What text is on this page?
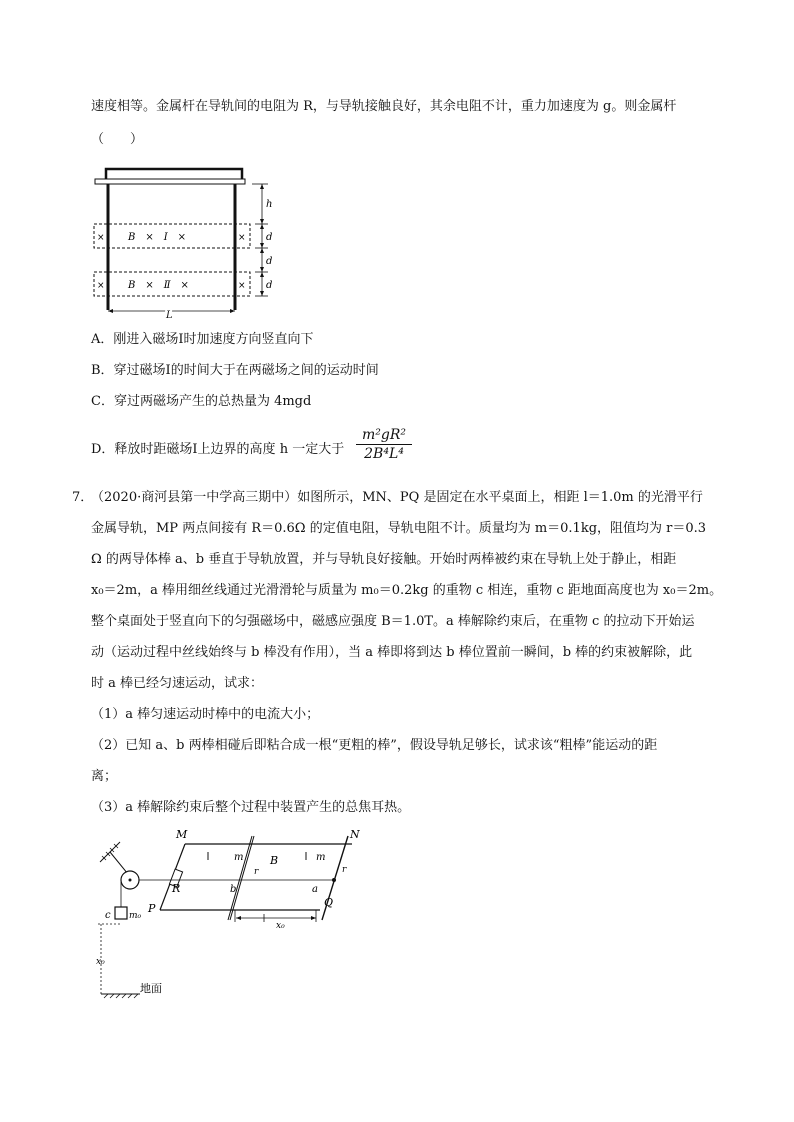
速度相等。金属杆在导轨间的电阻为 R，与导轨接触良好，其余电阻不计，重力加速度为 g。则金属杆
（　　）
×	×
B　×　Ⅰ　×
×	×
B　×　Ⅱ　×
h
d
d
d
L
A．刚进入磁场Ⅰ时加速度方向竖直向下
B．穿过磁场Ⅰ的时间大于在两磁场之间的运动时间
C．穿过两磁场产生的总热量为 4mgd
D．释放时距磁场Ⅰ上边界的高度 h 一定大于
m²gR²
2B⁴L⁴
7．
（2020·商河县第一中学高三期中）如图所示，MN、PQ 是固定在水平桌面上，相距 l＝1.0m 的光滑平行
金属导轨，MP 两点间接有 R＝0.6Ω 的定值电阻，导轨电阻不计。质量均为 m＝0.1kg，阻值均为 r＝0.3
Ω 的两导体棒 a、b 垂直于导轨放置，并与导轨良好接触。开始时两棒被约束在导轨上处于静止，相距
x₀＝2m，a 棒用细丝线通过光滑滑轮与质量为 m₀＝0.2kg 的重物 c 相连，重物 c 距地面高度也为 x₀＝2m。
整个桌面处于竖直向下的匀强磁场中，磁感应强度 B＝1.0T。a 棒解除约束后，在重物 c 的拉动下开始运
动（运动过程中丝线始终与 b 棒没有作用），当 a 棒即将到达 b 棒位置前一瞬间，b 棒的约束被解除，此
时 a 棒已经匀速运动，试求：
（1）a 棒匀速运动时棒中的电流大小；
（2）已知 a、b 两棒相碰后即粘合成一根“更粗的棒”，假设导轨足够长，试求该“粗棒”能运动的距
离；
（3）a 棒解除约束后整个过程中装置产生的总焦耳热。
M	N
P	Q
R
B
m	m
r	r
a
b
x₀
c m₀
x₀
地面
